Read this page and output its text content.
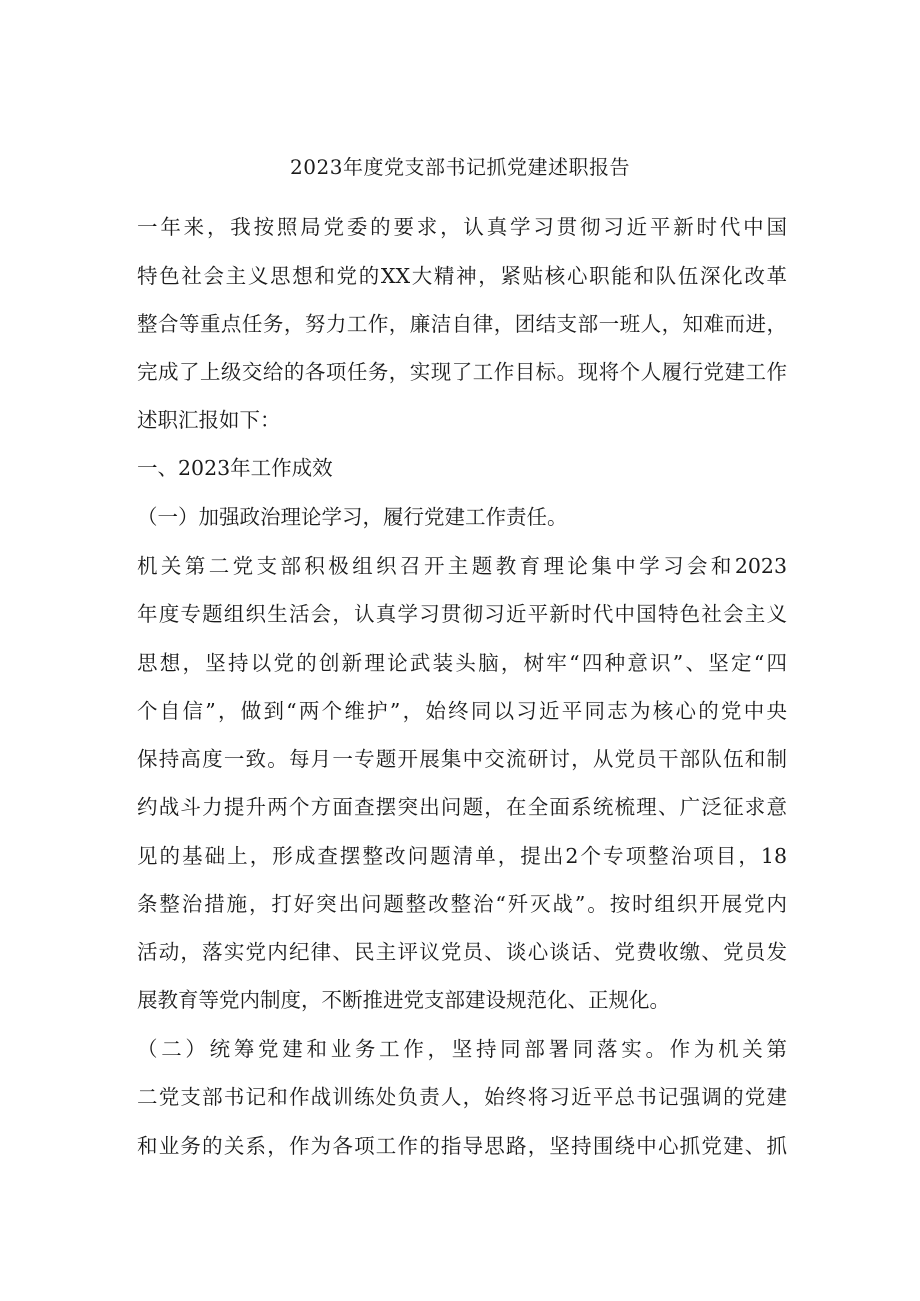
2023年度党支部书记抓党建述职报告
一年来，我按照局党委的要求，认真学习贯彻习近平新时代中国
特色社会主义思想和党的XX大精神，紧贴核心职能和队伍深化改革
整合等重点任务，努力工作，廉洁自律，团结支部一班人，知难而进，
完成了上级交给的各项任务，实现了工作目标。现将个人履行党建工作
述职汇报如下：
一、2023年工作成效
（一）加强政治理论学习，履行党建工作责任。
机关第二党支部积极组织召开主题教育理论集中学习会和2023
年度专题组织生活会，认真学习贯彻习近平新时代中国特色社会主义
思想，坚持以党的创新理论武装头脑，树牢“四种意识”、坚定“四
个自信”，做到“两个维护”，始终同以习近平同志为核心的党中央
保持高度一致。每月一专题开展集中交流研讨，从党员干部队伍和制
约战斗力提升两个方面查摆突出问题，在全面系统梳理、广泛征求意
见的基础上，形成查摆整改问题清单，提出2个专项整治项目，18
条整治措施，打好突出问题整改整治“歼灭战”。按时组织开展党内
活动，落实党内纪律、民主评议党员、谈心谈话、党费收缴、党员发
展教育等党内制度，不断推进党支部建设规范化、正规化。
（二）统筹党建和业务工作，坚持同部署同落实。作为机关第
二党支部书记和作战训练处负责人，始终将习近平总书记强调的党建
和业务的关系，作为各项工作的指导思路，坚持围绕中心抓党建、抓
